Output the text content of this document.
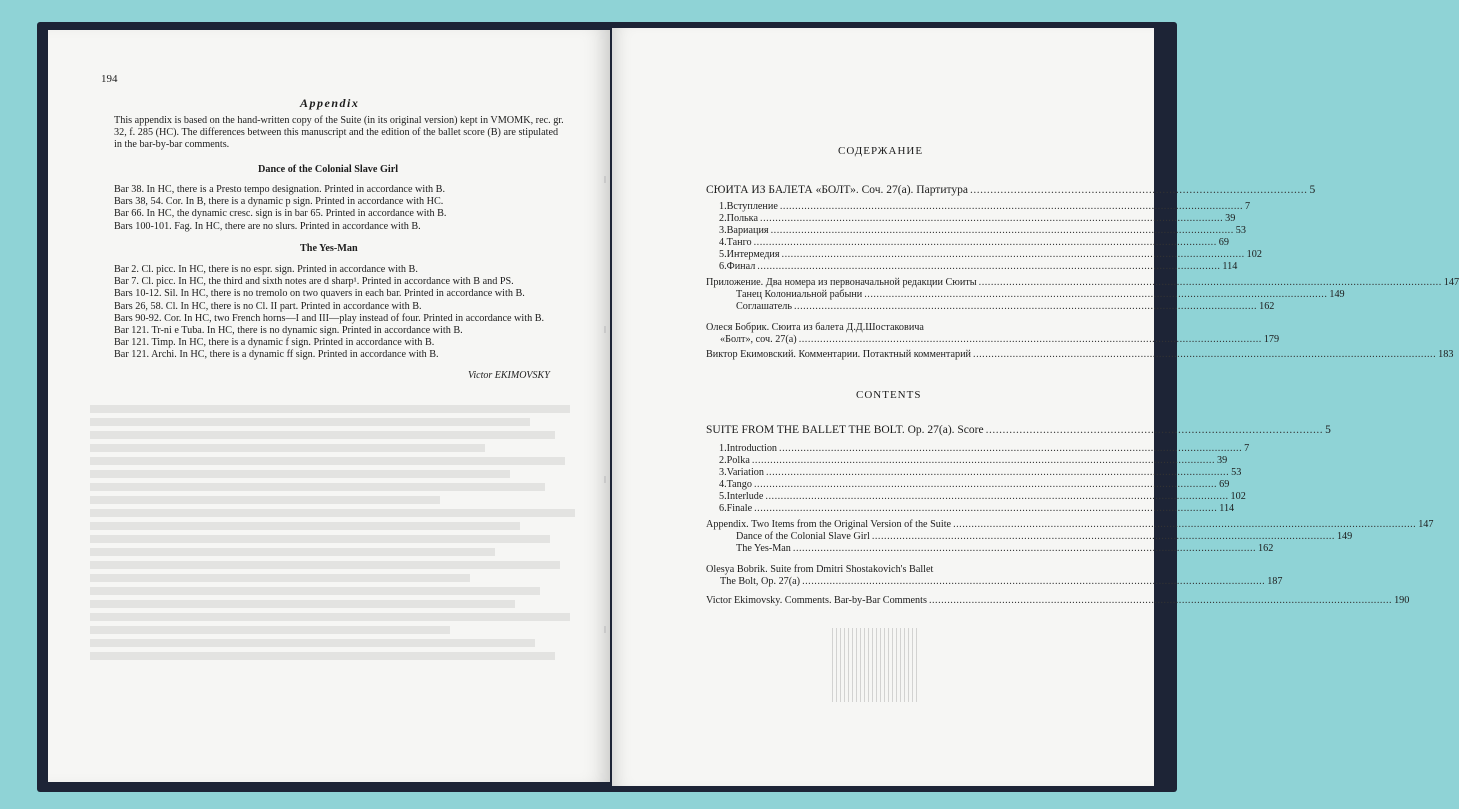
194
Appendix
This appendix is based on the hand-written copy of the Suite (in its original version) kept in VMOMK, rec. gr. 32, f. 285 (HC). The differences between this manuscript and the edition of the ballet score (B) are stipulated in the bar-by-bar comments.
Dance of the Colonial Slave Girl
Bar 38. In HC, there is a Presto tempo designation. Printed in accordance with B.
Bars 38, 54. Cor. In B, there is a dynamic p sign. Printed in accordance with HC.
Bar 66. In HC, the dynamic cresc. sign is in bar 65. Printed in accordance with B.
Bars 100-101. Fag. In HC, there are no slurs. Printed in accordance with B.
The Yes-Man
Bar 2. Cl. picc. In HC, there is no espr. sign. Printed in accordance with B.
Bar 7. Cl. picc. In HC, the third and sixth notes are d sharp¹. Printed in accordance with B and PS.
Bars 10-12. Sil. In HC, there is no tremolo on two quavers in each bar. Printed in accordance with B.
Bars 26, 58. Cl. In HC, there is no Cl. II part. Printed in accordance with B.
Bars 90-92. Cor. In HC, two French horns—I and III—play instead of four. Printed in accordance with B.
Bar 121. Tr-ni e Tuba. In HC, there is no dynamic sign. Printed in accordance with B.
Bar 121. Timp. In HC, there is a dynamic f sign. Printed in accordance with B.
Bar 121. Archi. In HC, there is a dynamic ff sign. Printed in accordance with B.
Victor EKIMOVSKY
СОДЕРЖАНИЕ
СЮИТА ИЗ БАЛЕТА «БОЛТ». Соч. 27(а). Партитура .................................................................................................... 5
1.Вступление ........................................................................................................................................................ 7
2.Полька ........................................................................................................................................................ 39
3.Вариация ........................................................................................................................................................ 53
4.Танго ........................................................................................................................................................ 69
5.Интермедия ........................................................................................................................................................ 102
6.Финал ........................................................................................................................................................ 114
Приложение. Два номера из первоначальной редакции Сюиты ........................................................................................................................................................ 147
Танец Колониальной рабыни ........................................................................................................................................................ 149
Соглашатель ........................................................................................................................................................ 162
Олеся Бобрик. Сюита из балета Д.Д.Шостаковича
«Болт», соч. 27(а) ........................................................................................................................................................ 179
Виктор Екимовский. Комментарии. Потактный комментарий ........................................................................................................................................................ 183
CONTENTS
SUITE FROM THE BALLET THE BOLT. Op. 27(a). Score .................................................................................................... 5
1.Introduction ........................................................................................................................................................ 7
2.Polka ........................................................................................................................................................ 39
3.Variation ........................................................................................................................................................ 53
4.Tango ........................................................................................................................................................ 69
5.Interlude ........................................................................................................................................................ 102
6.Finale ........................................................................................................................................................ 114
Appendix. Two Items from the Original Version of the Suite ........................................................................................................................................................ 147
Dance of the Colonial Slave Girl ........................................................................................................................................................ 149
The Yes-Man ........................................................................................................................................................ 162
Olesya Bobrik. Suite from Dmitri Shostakovich's Ballet
The Bolt, Op. 27(a) ........................................................................................................................................................ 187
Victor Ekimovsky. Comments. Bar-by-Bar Comments ........................................................................................................................................................ 190
